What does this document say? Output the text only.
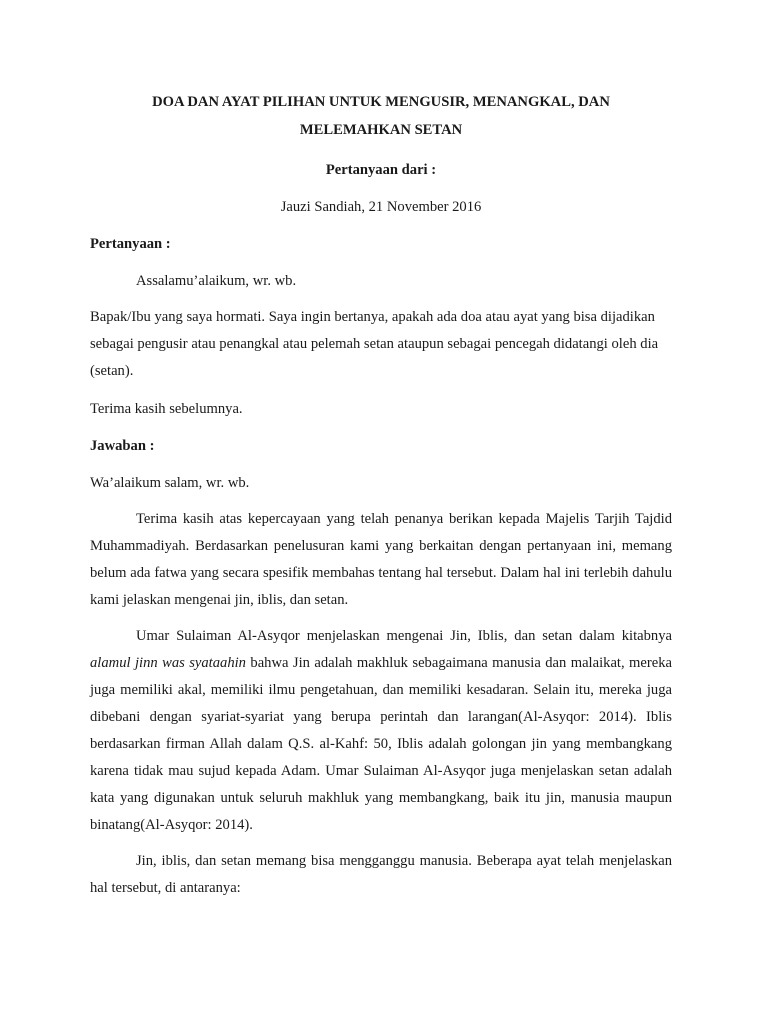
DOA DAN AYAT PILIHAN UNTUK MENGUSIR, MENANGKAL, DAN
MELEMAHKAN SETAN

Pertanyaan dari :

Jauzi Sandiah, 21 November 2016

Pertanyaan :

Assalamu’alaikum, wr. wb.

Bapak/Ibu yang saya hormati. Saya ingin bertanya, apakah ada doa atau ayat yang bisa dijadikan sebagai pengusir atau penangkal atau pelemah setan ataupun sebagai pencegah didatangi oleh dia (setan).

Terima kasih sebelumnya.

Jawaban :

Wa’alaikum salam, wr. wb.

Terima kasih atas kepercayaan yang telah penanya berikan kepada Majelis Tarjih Tajdid Muhammadiyah. Berdasarkan penelusuran kami yang berkaitan dengan pertanyaan ini, memang belum ada fatwa yang secara spesifik membahas tentang hal tersebut. Dalam hal ini terlebih dahulu kami jelaskan mengenai jin, iblis, dan setan.

Umar Sulaiman Al-Asyqor menjelaskan mengenai Jin, Iblis, dan setan dalam kitabnya alamul jinn was syataahin bahwa Jin adalah makhluk sebagaimana manusia dan malaikat, mereka juga memiliki akal, memiliki ilmu pengetahuan, dan memiliki kesadaran. Selain itu, mereka juga dibebani dengan syariat-syariat yang berupa perintah dan larangan(Al-Asyqor: 2014). Iblis berdasarkan firman Allah dalam Q.S. al-Kahf: 50, Iblis adalah golongan jin yang membangkang karena tidak mau sujud kepada Adam. Umar Sulaiman Al-Asyqor juga menjelaskan setan adalah kata yang digunakan untuk seluruh makhluk yang membangkang, baik itu jin, manusia maupun binatang(Al-Asyqor: 2014).

Jin, iblis, dan setan memang bisa mengganggu manusia. Beberapa ayat telah menjelaskan hal tersebut, di antaranya:
